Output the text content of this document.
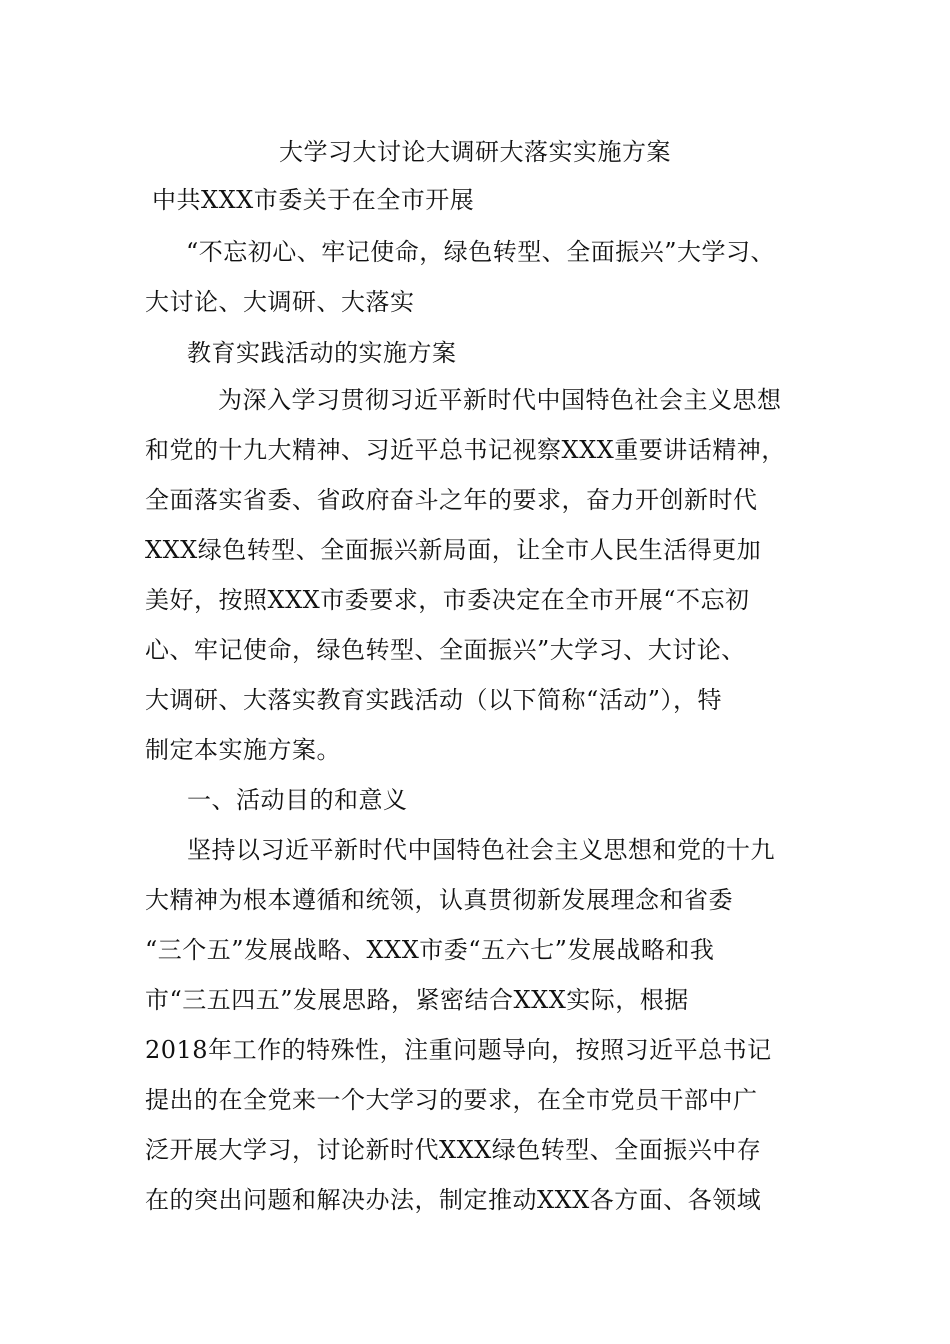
大学习大讨论大调研大落实实施方案
中共XXX市委关于在全市开展
“不忘初心、牢记使命，绿色转型、全面振兴”大学习、
大讨论、大调研、大落实
教育实践活动的实施方案
为深入学习贯彻习近平新时代中国特色社会主义思想
和党的十九大精神、习近平总书记视察XXX重要讲话精神，
全面落实省委、省政府奋斗之年的要求，奋力开创新时代
XXX绿色转型、全面振兴新局面，让全市人民生活得更加
美好，按照XXX市委要求，市委决定在全市开展“不忘初
心、牢记使命，绿色转型、全面振兴”大学习、大讨论、
大调研、大落实教育实践活动（以下简称“活动”），特
制定本实施方案。
一、活动目的和意义
坚持以习近平新时代中国特色社会主义思想和党的十九
大精神为根本遵循和统领，认真贯彻新发展理念和省委
“三个五”发展战略、XXX市委“五六七”发展战略和我
市“三五四五”发展思路，紧密结合XXX实际，根据
2018年工作的特殊性，注重问题导向，按照习近平总书记
提出的在全党来一个大学习的要求，在全市党员干部中广
泛开展大学习，讨论新时代XXX绿色转型、全面振兴中存
在的突出问题和解决办法，制定推动XXX各方面、各领域
